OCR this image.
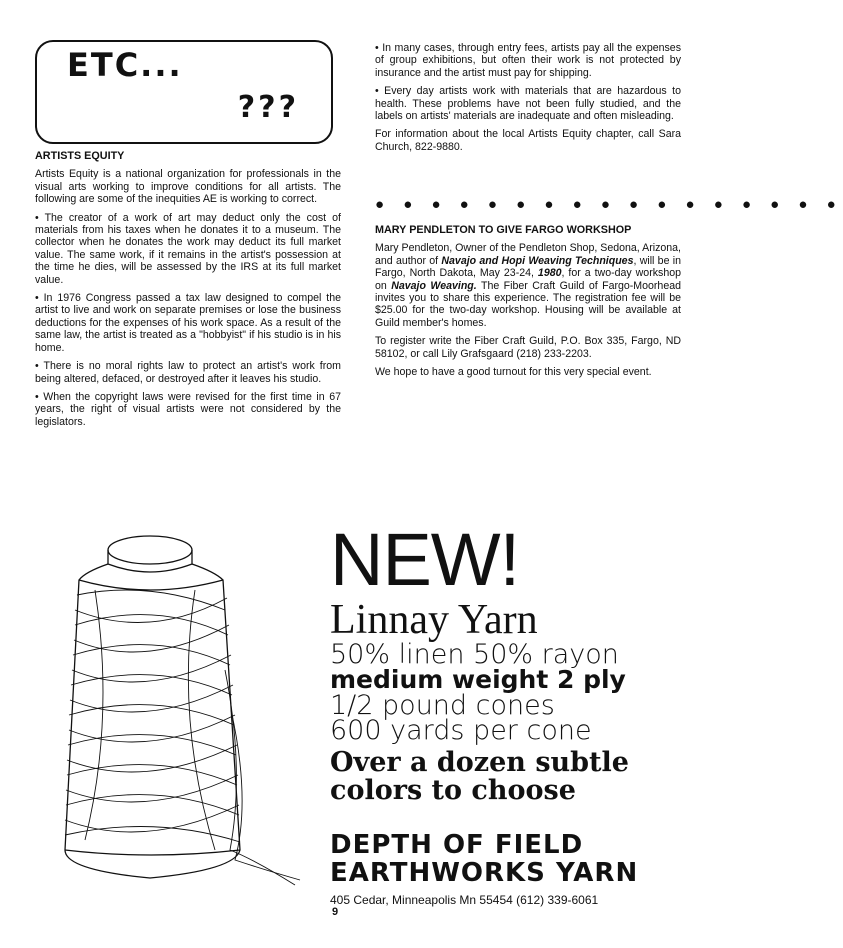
ETC...
???
ARTISTS EQUITY

Artists Equity is a national organization for professionals in the visual arts working to improve conditions for all artists. The following are some of the inequities AE is working to correct.

• The creator of a work of art may deduct only the cost of materials from his taxes when he donates it to a museum. The collector when he donates the work may deduct its full market value. The same work, if it remains in the artist's possession at the time he dies, will be assessed by the IRS at its full market value.

• In 1976 Congress passed a tax law designed to compel the artist to live and work on separate premises or lose the business deductions for the expenses of his work space. As a result of the same law, the artist is treated as a "hobbyist" if his studio is in his home.

• There is no moral rights law to protect an artist's work from being altered, defaced, or destroyed after it leaves his studio.

• When the copyright laws were revised for the first time in 67 years, the right of visual artists were not considered by the legislators.

• In many cases, through entry fees, artists pay all the expenses of group exhibitions, but often their work is not protected by insurance and the artist must pay for shipping.

• Every day artists work with materials that are hazardous to health. These problems have not been fully studied, and the labels on artists' materials are inadequate and often misleading.

For information about the local Artists Equity chapter, call Sara Church, 822-9880.

● ● ● ● ● ● ● ● ● ● ● ● ● ● ● ● ●
MARY PENDLETON TO GIVE FARGO WORKSHOP

Mary Pendleton, Owner of the Pendleton Shop, Sedona, Arizona, and author of Navajo and Hopi Weaving Techniques, will be in Fargo, North Dakota, May 23-24, 1980, for a two-day workshop on Navajo Weaving. The Fiber Craft Guild of Fargo-Moorhead invites you to share this experience. The registration fee will be $25.00 for the two-day workshop. Housing will be available at Guild member's homes.

To register write the Fiber Craft Guild, P.O. Box 335, Fargo, ND 58102, or call Lily Grafsgaard (218) 233-2203.

We hope to have a good turnout for this very special event.

NEW!
Linnay Yarn
50% linen 50% rayon
medium weight 2 ply
1/2 pound cones
600 yards per cone
Over a dozen subtle
colors to choose
DEPTH OF FIELD
EARTHWORKS YARN
405 Cedar, Minneapolis Mn 55454 (612) 339-6061
9
